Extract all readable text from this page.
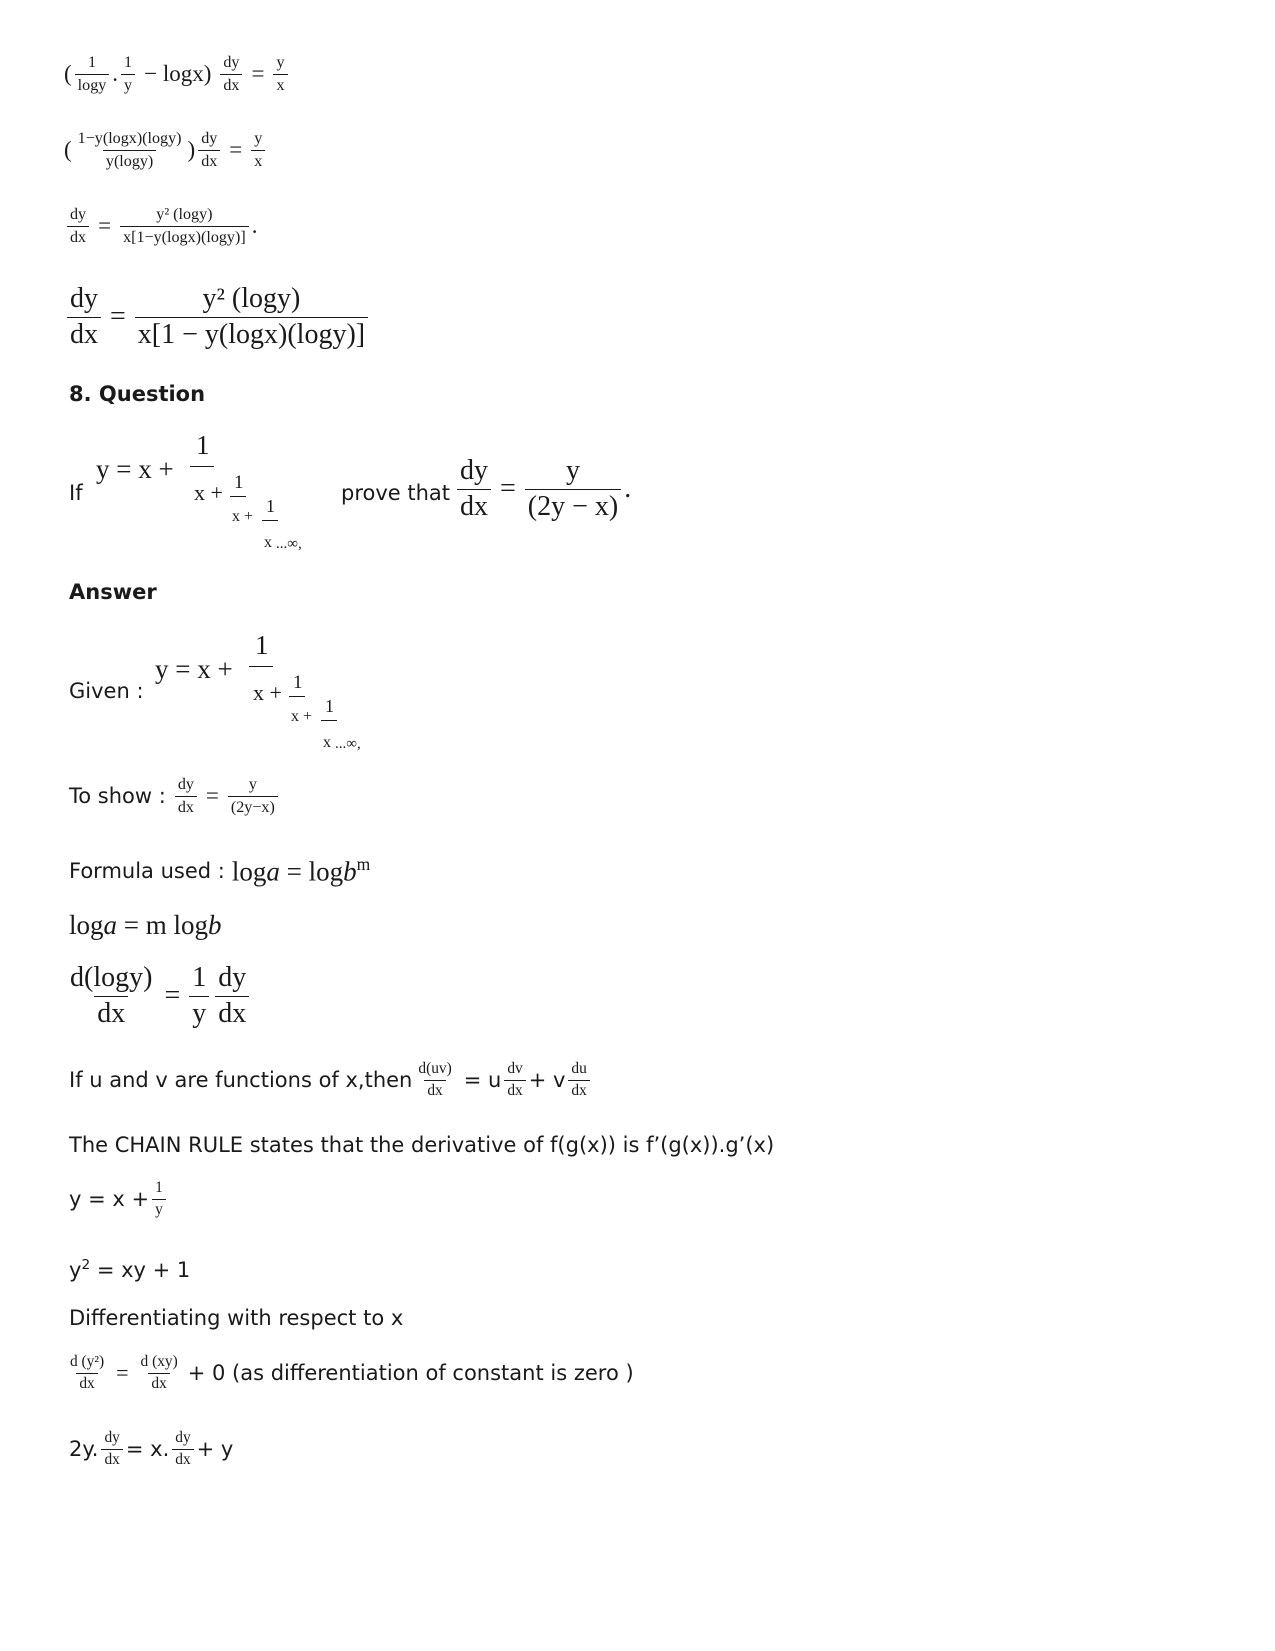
( $\frac{1}{\log y}$ . $\frac{1}{y} - \log x) \frac{dy}{dx} = \frac{y}{x}$
( $\frac{1-y(\log x)(\log y)}{y(\log y)}$ ) $\frac{dy}{dx} = \frac{y}{x}$
$\frac{dy}{dx} = \frac{\text{y² (logy)}}{x[1-y(\log x)(\log y)]}$ .
$\frac{dy}{dx} = \frac{\text{y² (logy)}}{x[1 - y(\log x)(\log y)]}$
8. Question
If
y = x +
1
x + 1
x +
1
x ...∞,
prove that $\frac{dy}{dx} = \frac{y}{(2y - x)}$ .
Answer
Given :
y = x +
1
x + 1
x +
1
x ...∞,
To show : $\frac{dy}{dx} = \frac{y}{(2y-x)}$
Formula used : loga = logb$^m$
loga = m logb
$\frac{d(\log y)}{dx} = \frac{1}{y} \frac{dy}{dx}$
If u and v are functions of x,then $\frac{d(uv)}{dx} = u \frac{dv}{dx} + v \frac{du}{dx}$
The CHAIN RULE states that the derivative of f(g(x)) is f’(g(x)).g’(x)
$y = x + \frac{1}{y}$
$y^2$ = xy + 1
Differentiating with respect to x
$\frac{\text{d (y²)}}{dx} = \frac{d (xy)}{dx} + 0$ (as differentiation of constant is zero )
2y. $\frac{dy}{dx} = x$. $\frac{dy}{dx} + y$
